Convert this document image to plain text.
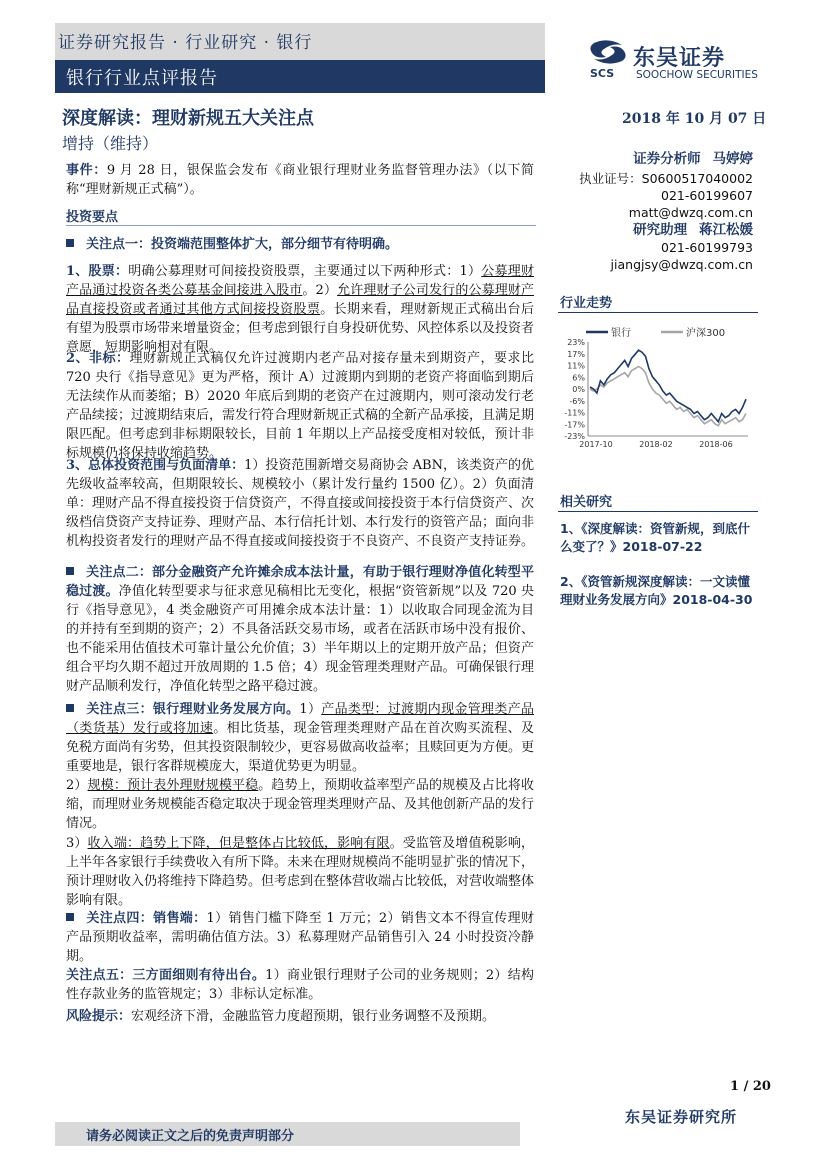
证券研究报告 · 行业研究 · 银行
银行行业点评报告	SCS
东吴证券
SOOCHOW SECURITIES
深度解读：理财新规五大关注点
增持（维持）
2018 年 10 月 07 日
事件：9 月 28 日，银保监会发布《商业银行理财业务监督管理办法》（以下简称“理财新规正式稿”）。
投资要点
关注点一：投资端范围整体扩大，部分细节有待明确。
1、股票：明确公募理财可间接投资股票，主要通过以下两种形式：1）公募理财产品通过投资各类公募基金间接进入股市。2）允许理财子公司发行的公募理财产品直接投资或者通过其他方式间接投资股票。长期来看，理财新规正式稿出台后有望为股票市场带来增量资金；但考虑到银行自身投研优势、风控体系以及投资者意愿，短期影响相对有限。
2、非标：理财新规正式稿仅允许过渡期内老产品对接存量未到期资产，要求比 720 央行《指导意见》更为严格，预计 A）过渡期内到期的老资产将面临到期后无法续作从而萎缩；B）2020 年底后到期的老资产在过渡期内，则可滚动发行老产品续接；过渡期结束后，需发行符合理财新规正式稿的全新产品承接，且满足期限匹配。但考虑到非标期限较长，目前 1 年期以上产品接受度相对较低，预计非标规模仍将保持收缩趋势。
3、总体投资范围与负面清单：1）投资范围新增交易商协会 ABN，该类资产的优先级收益率较高，但期限较长、规模较小（累计发行量约 1500 亿）。2）负面清单：理财产品不得直接投资于信贷资产，不得直接或间接投资于本行信贷资产、次级档信贷资产支持证券、理财产品、本行信托计划、本行发行的资管产品；面向非机构投资者发行的理财产品不得直接或间接投资于不良资产、不良资产支持证券。
关注点二：部分金融资产允许摊余成本法计量，有助于银行理财净值化转型平稳过渡。净值化转型要求与征求意见稿相比无变化，根据“资管新规”以及 720 央行《指导意见》，4 类金融资产可用摊余成本法计量：1）以收取合同现金流为目的并持有至到期的资产；2）不具备活跃交易市场，或者在活跃市场中没有报价、也不能采用估值技术可靠计量公允价值；3）半年期以上的定期开放产品；但资产组合平均久期不超过开放周期的 1.5 倍；4）现金管理类理财产品。可确保银行理财产品顺利发行，净值化转型之路平稳过渡。
关注点三：银行理财业务发展方向。1）产品类型：过渡期内现金管理类产品（类货基）发行或将加速。相比货基，现金管理类理财产品在首次购买流程、及免税方面尚有劣势，但其投资限制较少，更容易做高收益率；且赎回更为方便。更重要地是，银行客群规模庞大，渠道优势更为明显。
2）规模：预计表外理财规模平稳。趋势上，预期收益率型产品的规模及占比将收缩，而理财业务规模能否稳定取决于现金管理类理财产品、及其他创新产品的发行情况。
3）收入端：趋势上下降，但是整体占比较低，影响有限。受监管及增值税影响，上半年各家银行手续费收入有所下降。未来在理财规模尚不能明显扩张的情况下，预计理财收入仍将维持下降趋势。但考虑到在整体营收端占比较低，对营收端整体影响有限。
关注点四：销售端：1）销售门槛下降至 1 万元；2）销售文本不得宣传理财产品预期收益率，需明确估值方法。3）私募理财产品销售引入 24 小时投资冷静期。
关注点五：三方面细则有待出台。1）商业银行理财子公司的业务规则；2）结构性存款业务的监管规定；3）非标认定标准。
风险提示：宏观经济下滑，金融监管力度超预期，银行业务调整不及预期。
证券分析师 马婷婷
执业证号：S0600517040002
021-60199607
matt@dwzq.com.cn
研究助理 蒋江松媛
021-60199793
jiangjsy@dwzq.com.cn
行业走势
银行	沪深300
23%
17%
11%
6%
0%
-6%
-11%
-17%
-23%
2017-10	2018-02	2018-06
相关研究
1、《深度解读：资管新规，到底什么变了？》2018-07-22
2、《资管新规深度解读：一文读懂理财业务发展方向》2018-04-30
1 / 20
东吴证券研究所
请务必阅读正文之后的免责声明部分
